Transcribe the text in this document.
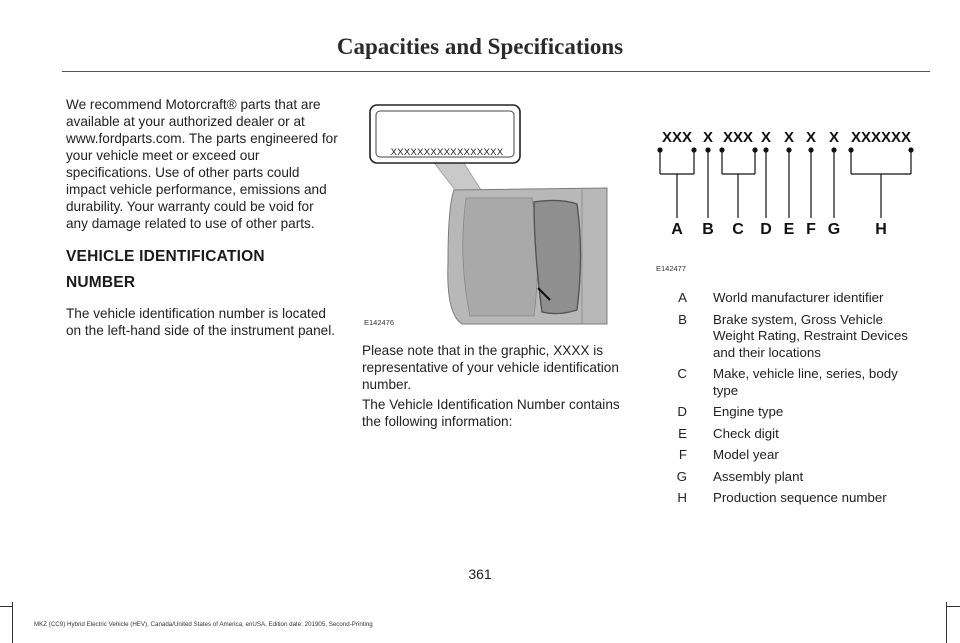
Capacities and Specifications

We recommend Motorcraft® parts that are available at your authorized dealer or at www.fordparts.com. The parts engineered for your vehicle meet or exceed our specifications. Use of other parts could impact vehicle performance, emissions and durability. Your warranty could be void for any damage related to use of other parts.

VEHICLE IDENTIFICATION
NUMBER

The vehicle identification number is located on the left-hand side of the instrument panel.

XXXXXXXXXXXXXXXXX
E142476

Please note that in the graphic, XXXX is representative of your vehicle identification number.

The Vehicle Identification Number contains the following information:

XXX X XXX X X X X XXXXXX
A B C D E F G H
E142477
A World manufacturer identifier
B Brake system, Gross Vehicle Weight Rating, Restraint Devices and their locations
C Make, vehicle line, series, body type
D Engine type
E Check digit
F Model year
G Assembly plant
H Production sequence number
361
MKZ (CC9) Hybrid Electric Vehicle (HEV), Canada/United States of America, enUSA, Edition date: 201905, Second-Printing
